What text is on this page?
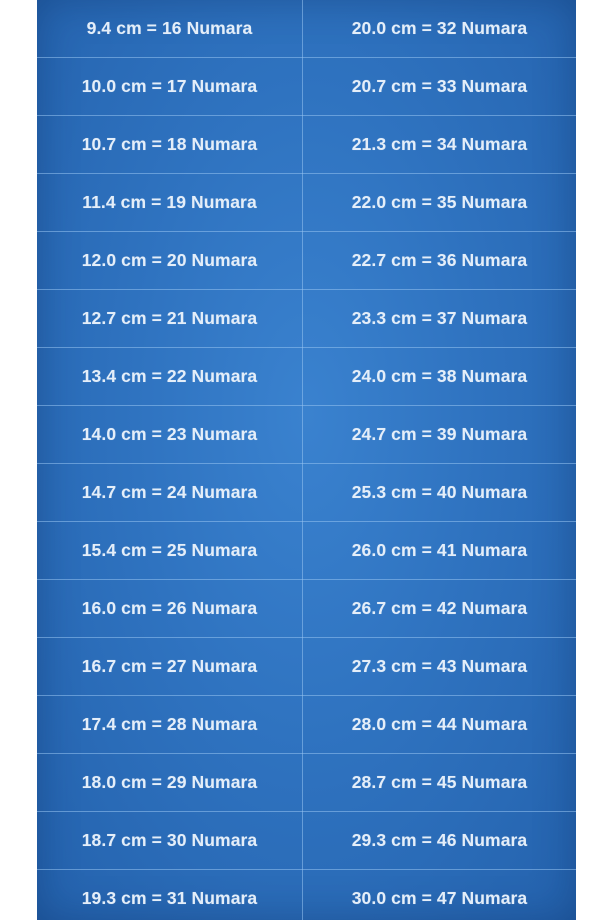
9.4 cm = 16 Numara	20.0 cm = 32 Numara
10.0 cm = 17 Numara	20.7 cm = 33 Numara
10.7 cm = 18 Numara	21.3 cm = 34 Numara
11.4 cm = 19 Numara	22.0 cm = 35 Numara
12.0 cm = 20 Numara	22.7 cm = 36 Numara
12.7 cm = 21 Numara	23.3 cm = 37 Numara
13.4 cm = 22 Numara	24.0 cm = 38 Numara
14.0 cm = 23 Numara	24.7 cm = 39 Numara
14.7 cm = 24 Numara	25.3 cm = 40 Numara
15.4 cm = 25 Numara	26.0 cm = 41 Numara
16.0 cm = 26 Numara	26.7 cm = 42 Numara
16.7 cm = 27 Numara	27.3 cm = 43 Numara
17.4 cm = 28 Numara	28.0 cm = 44 Numara
18.0 cm = 29 Numara	28.7 cm = 45 Numara
18.7 cm = 30 Numara	29.3 cm = 46 Numara
19.3 cm = 31 Numara	30.0 cm = 47 Numara
